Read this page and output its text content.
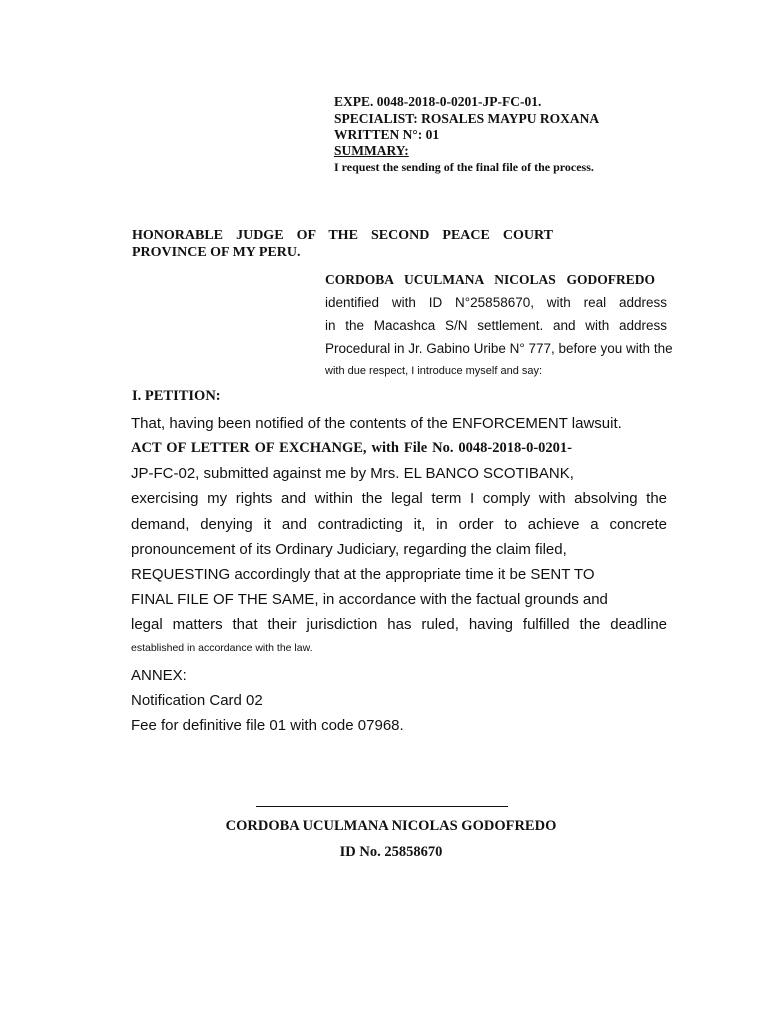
EXPE. 0048-2018-0-0201-JP-FC-01.
SPECIALIST: ROSALES MAYPU ROXANA
WRITTEN N°: 01
SUMMARY:
I request the sending of the final file of the process.
HONORABLE JUDGE OF THE SECOND PEACE COURT
PROVINCE OF MY PERU.
CORDOBA UCULMANA NICOLAS GODOFREDO
identified with ID N°25858670, with real address
in the Macashca S/N settlement. and with address
Procedural in Jr. Gabino Uribe N° 777, before you with the
with due respect, I introduce myself and say:
I. PETITION:
That, having been notified of the contents of the ENFORCEMENT lawsuit.
ACT OF LETTER OF EXCHANGE, with File No. 0048-2018-0-0201-
JP-FC-02, submitted against me by Mrs. EL BANCO SCOTIBANK,
exercising my rights and within the legal term I comply with absolving the
demand, denying it and contradicting it, in order to achieve a concrete
pronouncement of its Ordinary Judiciary, regarding the claim filed,
REQUESTING accordingly that at the appropriate time it be SENT TO
FINAL FILE OF THE SAME, in accordance with the factual grounds and
legal matters that their jurisdiction has ruled, having fulfilled the deadline
established in accordance with the law.
ANNEX:
Notification Card 02
Fee for definitive file 01 with code 07968.
CORDOBA UCULMANA NICOLAS GODOFREDO
ID No. 25858670
